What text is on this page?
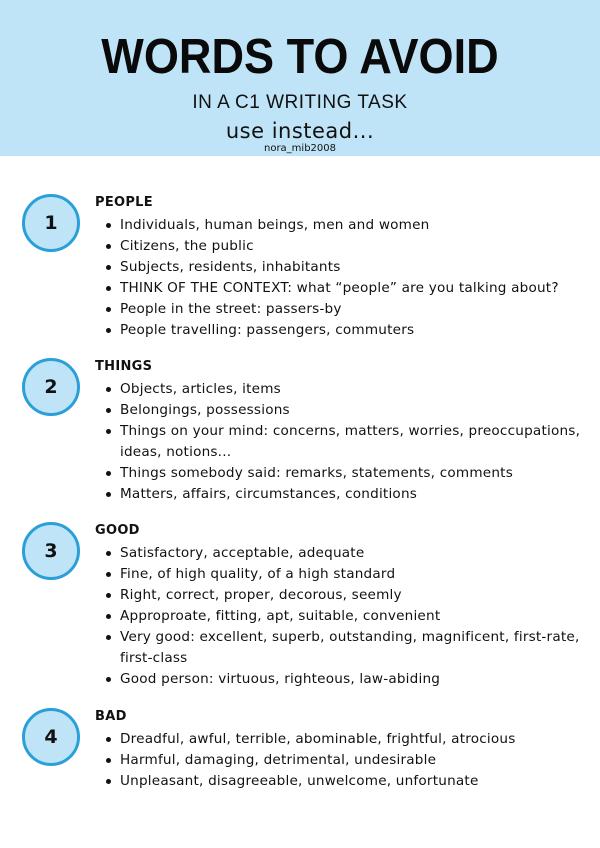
WORDS TO AVOID
IN A C1 WRITING TASK
use instead...
nora_mib2008
1
PEOPLE
Individuals, human beings, men and women
Citizens, the public
Subjects, residents, inhabitants
THINK OF THE CONTEXT: what “people” are you talking about?
People in the street: passers-by
People travelling: passengers, commuters
2
THINGS
Objects, articles, items
Belongings, possessions
Things on your mind: concerns, matters, worries, preoccupations, ideas, notions...
Things somebody said: remarks, statements, comments
Matters, affairs, circumstances, conditions
3
GOOD
Satisfactory, acceptable, adequate
Fine, of high quality, of a high standard
Right, correct, proper, decorous, seemly
Approproate, fitting, apt, suitable, convenient
Very good: excellent, superb, outstanding, magnificent, first-rate, first-class
Good person: virtuous, righteous, law-abiding
4
BAD
Dreadful, awful, terrible, abominable, frightful, atrocious
Harmful, damaging, detrimental, undesirable
Unpleasant, disagreeable, unwelcome, unfortunate
